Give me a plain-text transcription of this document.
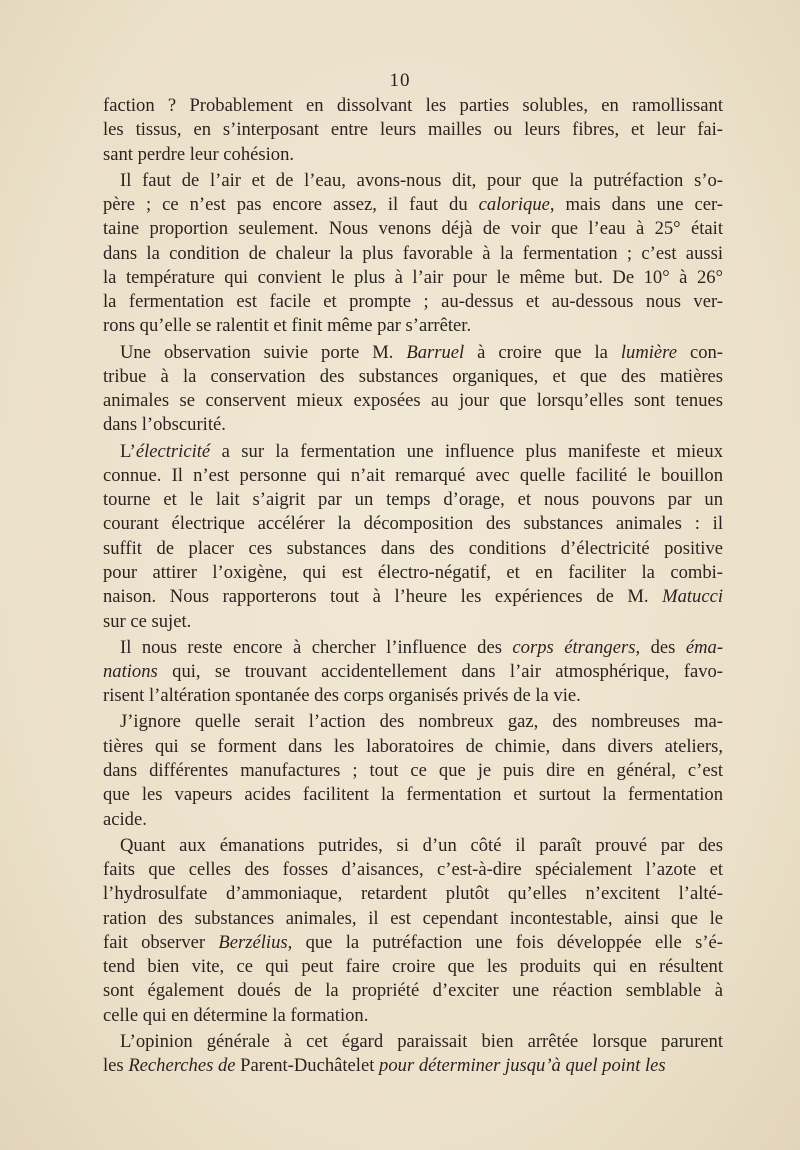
10
faction ? Probablement en dissolvant les parties solubles, en ramollissant
les tissus, en s’interposant entre leurs mailles ou leurs fibres, et leur fai-
sant perdre leur cohésion.
Il faut de l’air et de l’eau, avons-nous dit, pour que la putréfaction s’o-
père ; ce n’est pas encore assez, il faut du calorique, mais dans une cer-
taine proportion seulement. Nous venons déjà de voir que l’eau à 25° était
dans la condition de chaleur la plus favorable à la fermentation ; c’est aussi
la température qui convient le plus à l’air pour le même but. De 10° à 26°
la fermentation est facile et prompte ; au-dessus et au-dessous nous ver-
rons qu’elle se ralentit et finit même par s’arrêter.
Une observation suivie porte M. Barruel à croire que la lumière con-
tribue à la conservation des substances organiques, et que des matières
animales se conservent mieux exposées au jour que lorsqu’elles sont tenues
dans l’obscurité.
L’électricité a sur la fermentation une influence plus manifeste et mieux
connue. Il n’est personne qui n’ait remarqué avec quelle facilité le bouillon
tourne et le lait s’aigrit par un temps d’orage, et nous pouvons par un
courant électrique accélérer la décomposition des substances animales : il
suffit de placer ces substances dans des conditions d’électricité positive
pour attirer l’oxigène, qui est électro-négatif, et en faciliter la combi-
naison. Nous rapporterons tout à l’heure les expériences de M. Matucci
sur ce sujet.
Il nous reste encore à chercher l’influence des corps étrangers, des éma-
nations qui, se trouvant accidentellement dans l’air atmosphérique, favo-
risent l’altération spontanée des corps organisés privés de la vie.
J’ignore quelle serait l’action des nombreux gaz, des nombreuses ma-
tières qui se forment dans les laboratoires de chimie, dans divers ateliers,
dans différentes manufactures ; tout ce que je puis dire en général, c’est
que les vapeurs acides facilitent la fermentation et surtout la fermentation
acide.
Quant aux émanations putrides, si d’un côté il paraît prouvé par des
faits que celles des fosses d’aisances, c’est-à-dire spécialement l’azote et
l’hydrosulfate d’ammoniaque, retardent plutôt qu’elles n’excitent l’alté-
ration des substances animales, il est cependant incontestable, ainsi que le
fait observer Berzélius, que la putréfaction une fois développée elle s’é-
tend bien vite, ce qui peut faire croire que les produits qui en résultent
sont également doués de la propriété d’exciter une réaction semblable à
celle qui en détermine la formation.
L’opinion générale à cet égard paraissait bien arrêtée lorsque parurent
les Recherches de Parent-Duchâtelet pour déterminer jusqu’à quel point les
